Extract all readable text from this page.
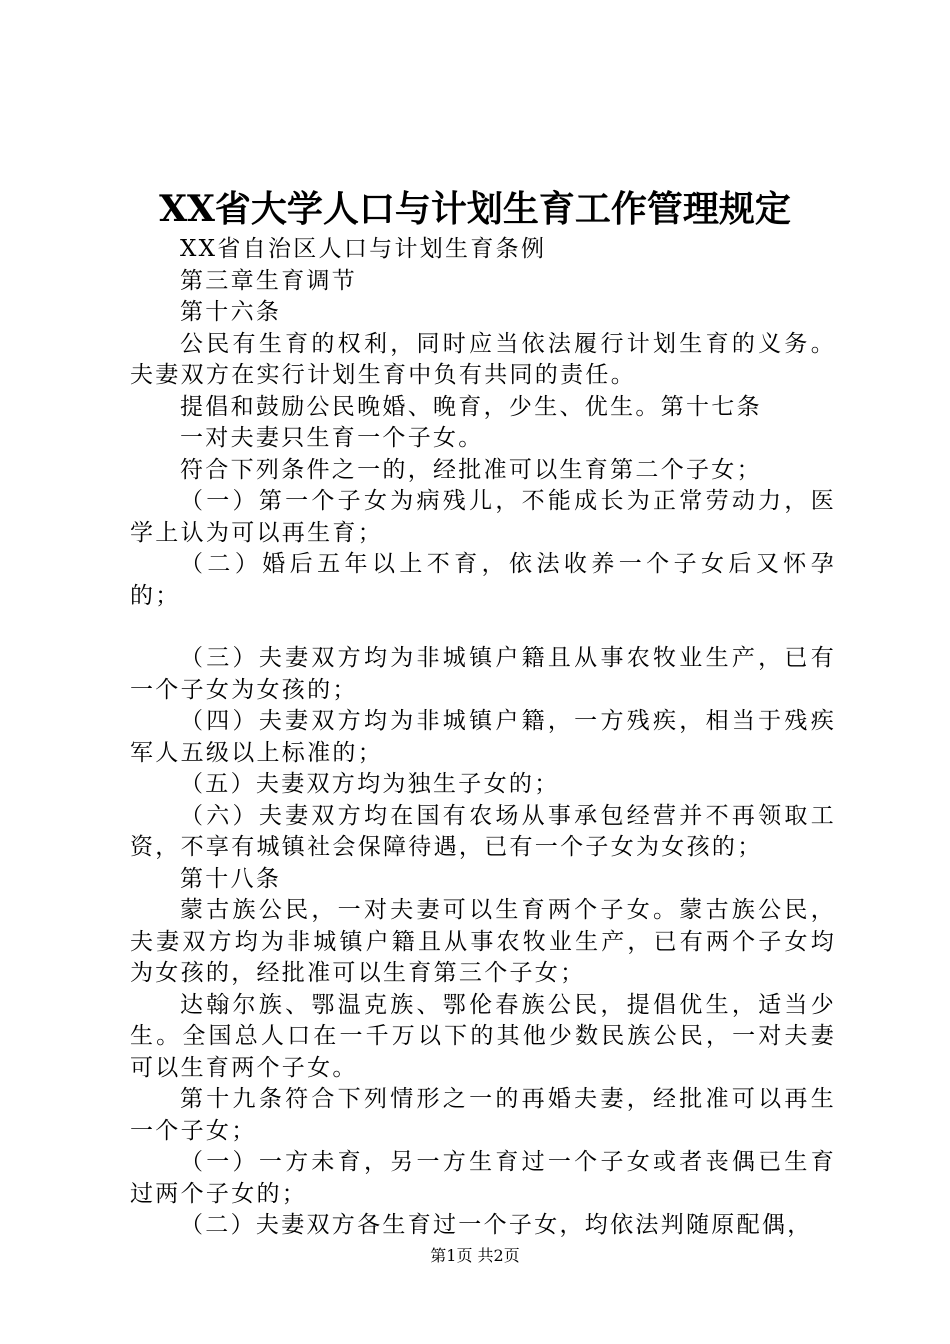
XX省大学人口与计划生育工作管理规定

XX省自治区人口与计划生育条例

第三章生育调节

第十六条

公民有生育的权利，同时应当依法履行计划生育的义务。夫妻双方在实行计划生育中负有共同的责任。

提倡和鼓励公民晚婚、晚育，少生、优生。第十七条

一对夫妻只生育一个子女。

符合下列条件之一的，经批准可以生育第二个子女；

（一）第一个子女为病残儿，不能成长为正常劳动力，医学上认为可以再生育；

（二）婚后五年以上不育，依法收养一个子女后又怀孕的；

（三）夫妻双方均为非城镇户籍且从事农牧业生产，已有一个子女为女孩的；

（四）夫妻双方均为非城镇户籍，一方残疾，相当于残疾军人五级以上标准的；

（五）夫妻双方均为独生子女的；

（六）夫妻双方均在国有农场从事承包经营并不再领取工资，不享有城镇社会保障待遇，已有一个子女为女孩的；

第十八条

蒙古族公民，一对夫妻可以生育两个子女。蒙古族公民，夫妻双方均为非城镇户籍且从事农牧业生产，已有两个子女均为女孩的，经批准可以生育第三个子女；

达翰尔族、鄂温克族、鄂伦春族公民，提倡优生，适当少生。全国总人口在一千万以下的其他少数民族公民，一对夫妻可以生育两个子女。

第十九条符合下列情形之一的再婚夫妻，经批准可以再生一个子女；

（一）一方未育，另一方生育过一个子女或者丧偶已生育过两个子女的；

（二）夫妻双方各生育过一个子女，均依法判随原配偶，

第1页 共2页
